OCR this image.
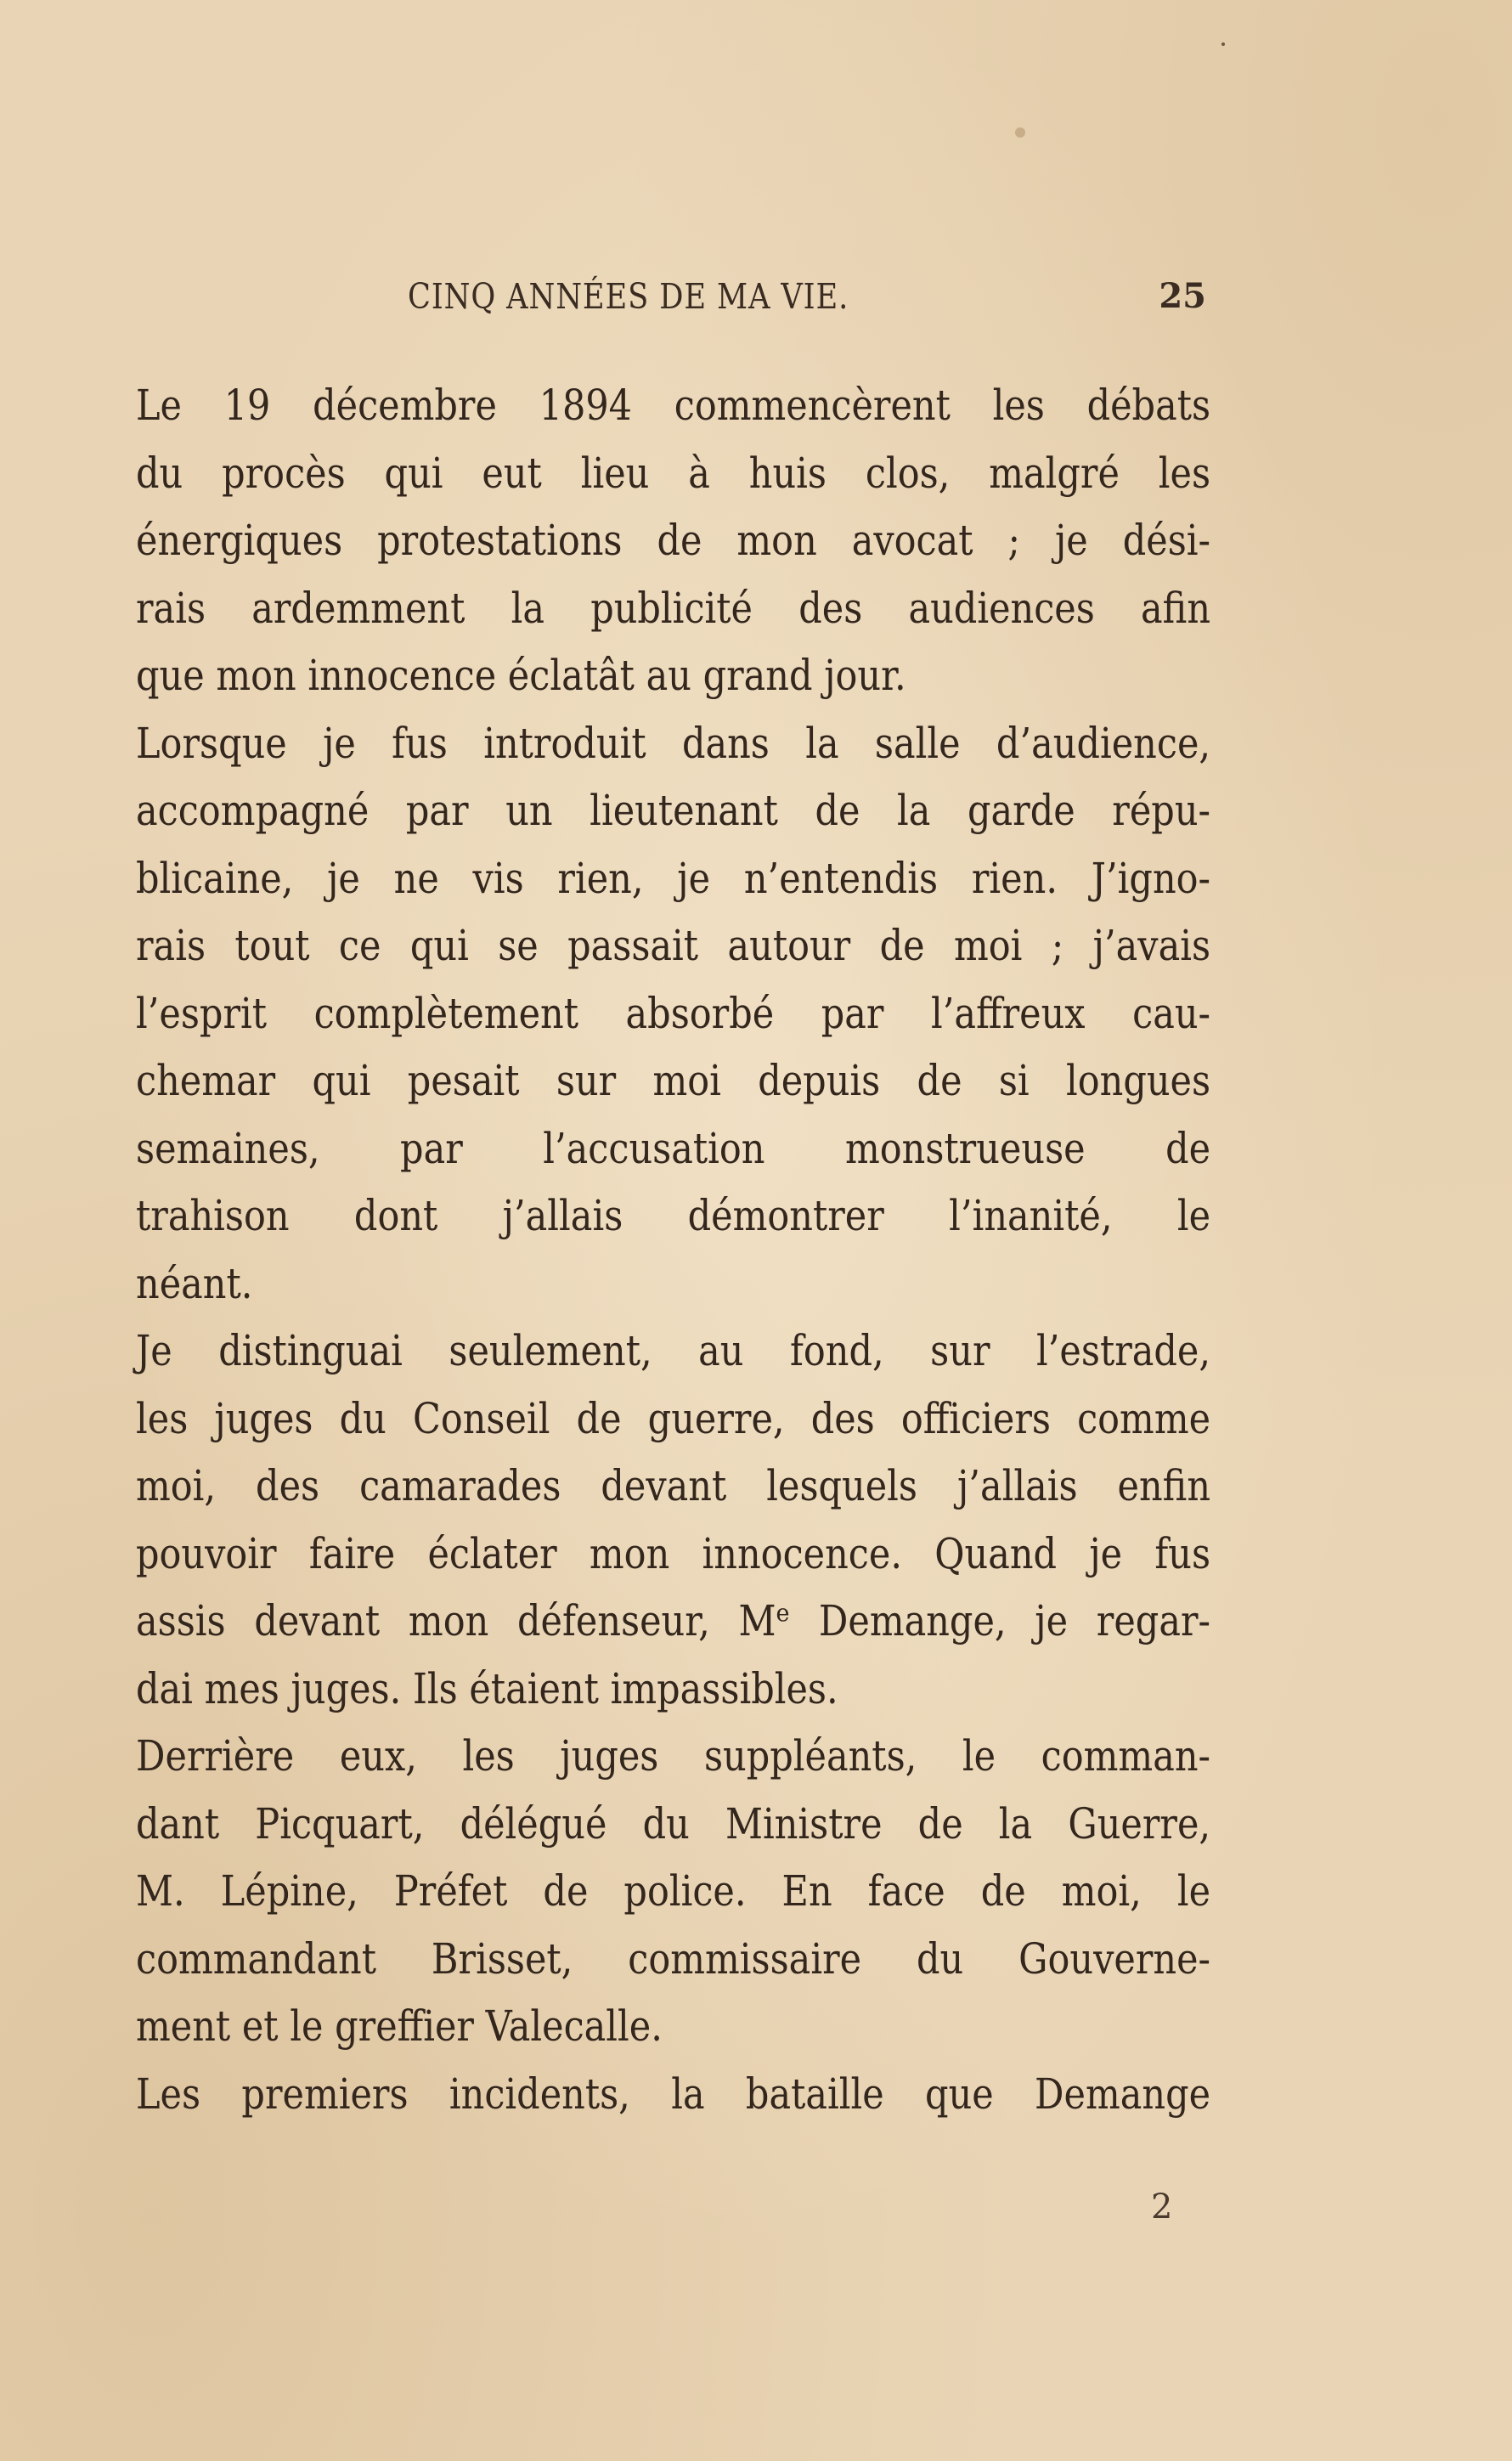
CINQ ANNÉES DE MA VIE.	25
Le 19 décembre 1894 commencèrent les débats
du procès qui eut lieu à huis clos, malgré les
énergiques protestations de mon avocat ; je dési-
rais ardemment la publicité des audiences afin
que mon innocence éclatât au grand jour.
Lorsque je fus introduit dans la salle d’audience,
accompagné par un lieutenant de la garde répu-
blicaine, je ne vis rien, je n’entendis rien. J’igno-
rais tout ce qui se passait autour de moi ; j’avais
l’esprit complètement absorbé par l’affreux cau-
chemar qui pesait sur moi depuis de si longues
semaines, par l’accusation monstrueuse de
trahison dont j’allais démontrer l’inanité, le
néant.
Je distinguai seulement, au fond, sur l’estrade,
les juges du Conseil de guerre, des officiers comme
moi, des camarades devant lesquels j’allais enfin
pouvoir faire éclater mon innocence. Quand je fus
assis devant mon défenseur, Mᵉ Demange, je regar-
dai mes juges. Ils étaient impassibles.
Derrière eux, les juges suppléants, le comman-
dant Picquart, délégué du Ministre de la Guerre,
M. Lépine, Préfet de police. En face de moi, le
commandant Brisset, commissaire du Gouverne-
ment et le greffier Valecalle.
Les premiers incidents, la bataille que Demange
2
